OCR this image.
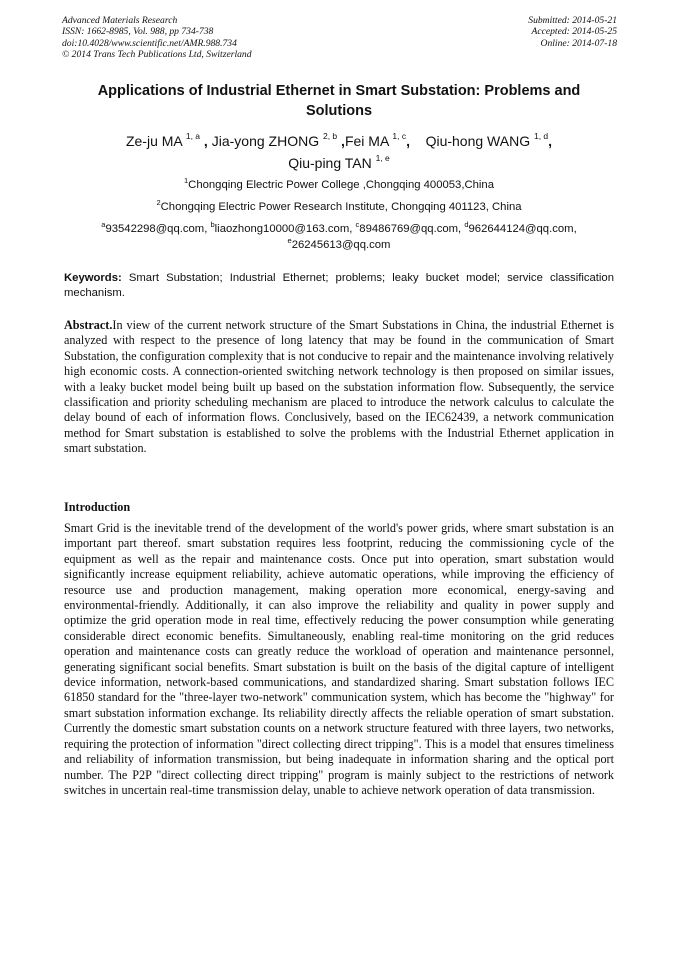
Advanced Materials Research
ISSN: 1662-8985, Vol. 988, pp 734-738
doi:10.4028/www.scientific.net/AMR.988.734
© 2014 Trans Tech Publications Ltd, Switzerland
Submitted: 2014-05-21
Accepted: 2014-05-25
Online: 2014-07-18
Applications of Industrial Ethernet in Smart Substation: Problems and
Solutions
Ze-ju MA $^{1, a}$ , Jia-yong ZHONG $^{2, b}$ ,Fei MA $^{1, c}$, Qiu-hong WANG $^{1, d}$,
Qiu-ping TAN $^{1, e}$
$^1$Chongqing Electric Power College ,Chongqing 400053,China
$^2$Chongqing Electric Power Research Institute, Chongqing 401123, China
$^a$93542298@qq.com, $^b$liaozhong10000@163.com, $^c$89486769@qq.com, $^d$962644124@qq.com,
$^e$26245613@qq.com
Keywords: Smart Substation; Industrial Ethernet; problems; leaky bucket model; service classification mechanism.
Abstract.In view of the current network structure of the Smart Substations in China, the industrial Ethernet is analyzed with respect to the presence of long latency that may be found in the communication of Smart Substation, the configuration complexity that is not conducive to repair and the maintenance involving relatively high economic costs. A connection-oriented switching network technology is then proposed on similar issues, with a leaky bucket model being built up based on the substation information flow. Subsequently, the service classification and priority scheduling mechanism are placed to introduce the network calculus to calculate the delay bound of each of information flows. Conclusively, based on the IEC62439, a network communication method for Smart substation is established to solve the problems with the Industrial Ethernet application in smart substation.
Introduction
Smart Grid is the inevitable trend of the development of the world's power grids, where smart substation is an important part thereof. smart substation requires less footprint, reducing the commissioning cycle of the equipment as well as the repair and maintenance costs. Once put into operation, smart substation would significantly increase equipment reliability, achieve automatic operations, while improving the efficiency of resource use and production management, making operation more economical, energy-saving and environmental-friendly. Additionally, it can also improve the reliability and quality in power supply and optimize the grid operation mode in real time, effectively reducing the power consumption while generating considerable direct economic benefits. Simultaneously, enabling real-time monitoring on the grid reduces operation and maintenance costs can greatly reduce the workload of operation and maintenance personnel, generating significant social benefits. Smart substation is built on the basis of the digital capture of intelligent device information, network-based communications, and standardized sharing. Smart substation follows IEC 61850 standard for the "three-layer two-network" communication system, which has become the "highway" for smart substation information exchange. Its reliability directly affects the reliable operation of smart substation. Currently the domestic smart substation counts on a network structure featured with three layers, two networks, requiring the protection of information "direct collecting direct tripping". This is a model that ensures timeliness and reliability of information transmission, but being inadequate in information sharing and the optical port number. The P2P "direct collecting direct tripping" program is mainly subject to the restrictions of network switches in uncertain real-time transmission delay, unable to achieve network operation of data transmission.
